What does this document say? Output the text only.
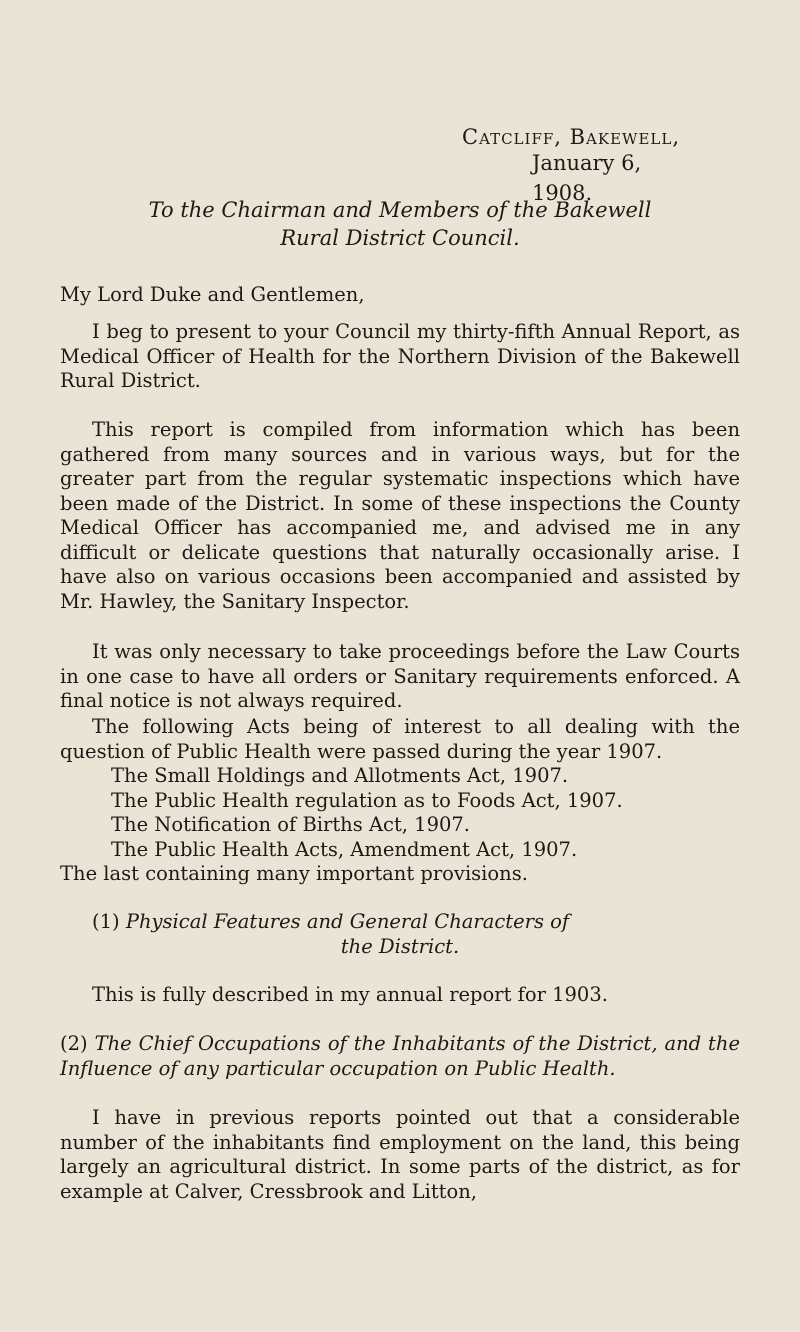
Catcliff, Bakewell,
January 6, 1908.
To the Chairman and Members of the Bakewell
Rural District Council.
My Lord Duke and Gentlemen,
I beg to present to your Council my thirty-fifth Annual Report, as Medical Officer of Health for the Northern Division of the Bakewell Rural District.
This report is compiled from information which has been gathered from many sources and in various ways, but for the greater part from the regular systematic inspections which have been made of the District. In some of these inspections the County Medical Officer has accompanied me, and advised me in any difficult or delicate questions that naturally occasionally arise. I have also on various occasions been accompanied and assisted by Mr. Hawley, the Sanitary Inspector.
It was only necessary to take proceedings before the Law Courts in one case to have all orders or Sanitary requirements enforced. A final notice is not always required.
The following Acts being of interest to all dealing with the question of Public Health were passed during the year 1907.
The Small Holdings and Allotments Act, 1907.
The Public Health regulation as to Foods Act, 1907.
The Notification of Births Act, 1907.
The Public Health Acts, Amendment Act, 1907.
The last containing many important provisions.
(1) Physical Features and General Characters of
the District.
This is fully described in my annual report for 1903.
(2) The Chief Occupations of the Inhabitants of the District, and the Influence of any particular occupation on Public Health.
I have in previous reports pointed out that a considerable number of the inhabitants find employment on the land, this being largely an agricultural district. In some parts of the district, as for example at Calver, Cressbrook and Litton,
